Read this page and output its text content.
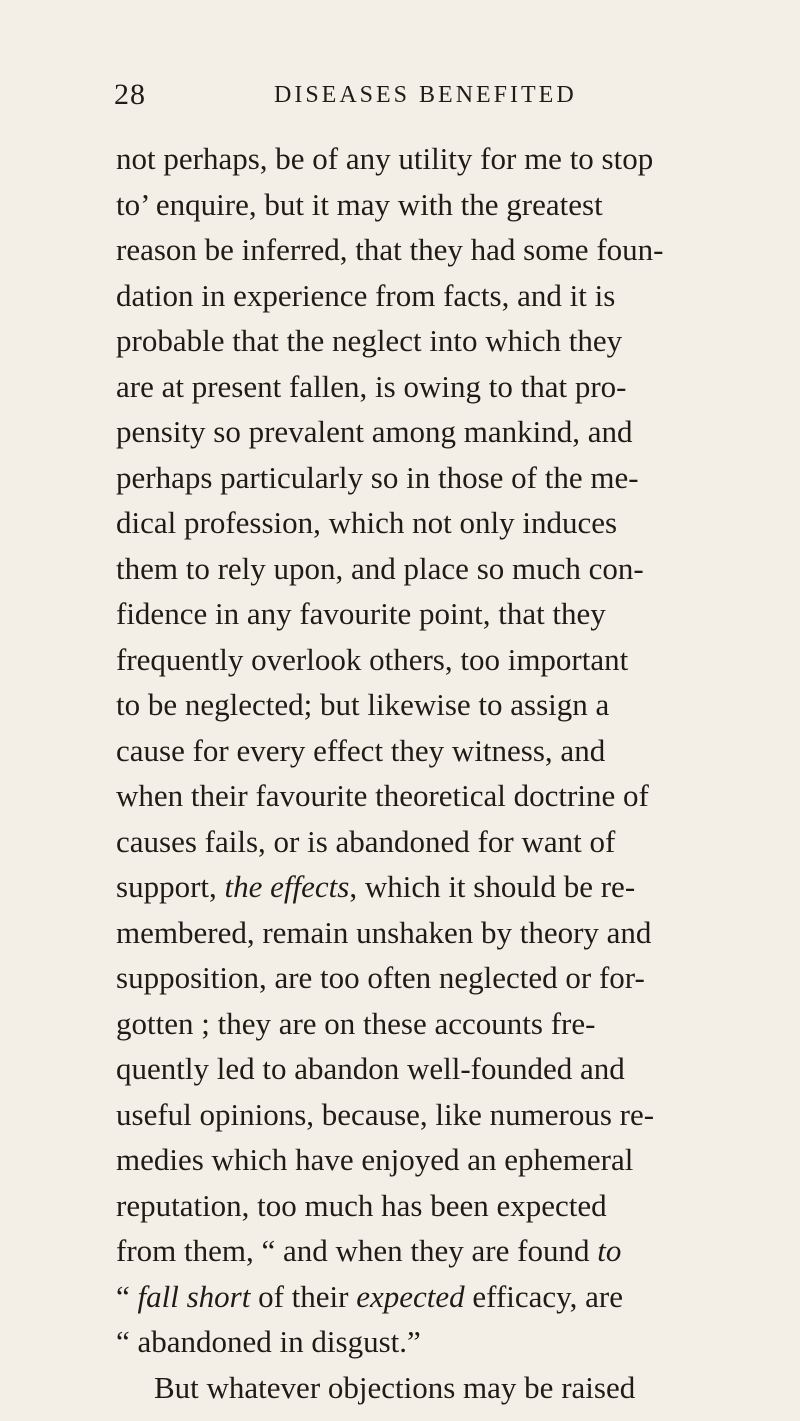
28	DISEASES BENEFITED
not perhaps, be of any utility for me to stop
to’ enquire, but it may with the greatest
reason be inferred, that they had some foun-
dation in experience from facts, and it is
probable that the neglect into which they
are at present fallen, is owing to that pro-
pensity so prevalent among mankind, and
perhaps particularly so in those of the me-
dical profession, which not only induces
them to rely upon, and place so much con-
fidence in any favourite point, that they
frequently overlook others, too important
to be neglected; but likewise to assign a
cause for every effect they witness, and
when their favourite theoretical doctrine of
causes fails, or is abandoned for want of
support, the effects, which it should be re-
membered, remain unshaken by theory and
supposition, are too often neglected or for-
gotten ; they are on these accounts fre-
quently led to abandon well-founded and
useful opinions, because, like numerous re-
medies which have enjoyed an ephemeral
reputation, too much has been expected
from them, “ and when they are found to
“ fall short of their expected efficacy, are
“ abandoned in disgust.”
But whatever objections may be raised
